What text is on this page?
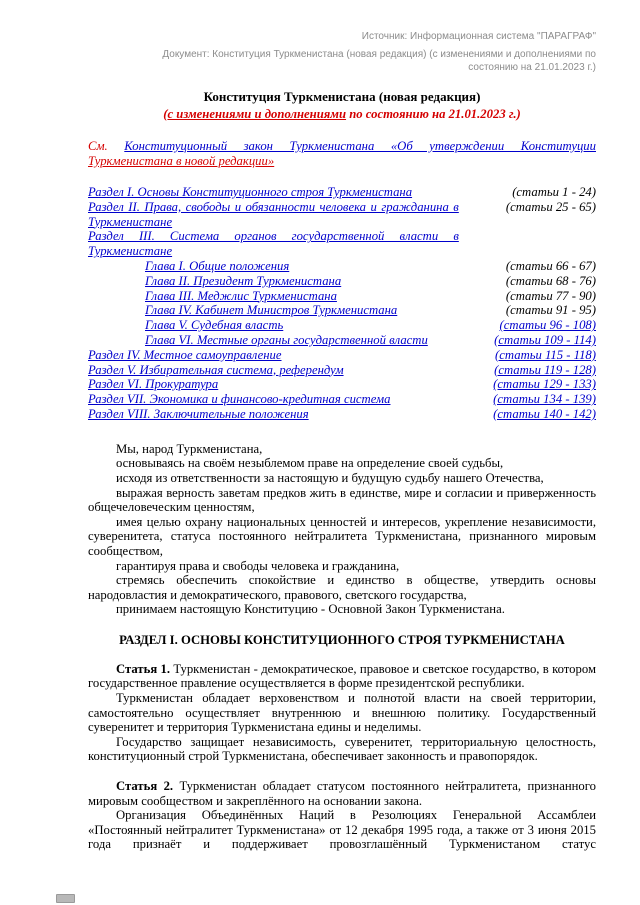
Источник: Информационная система "ПАРАГРАФ"
Документ: Конституция Туркменистана (новая редакция) (с изменениями и дополнениями по состоянию на 21.01.2023 г.)
Конституция Туркменистана (новая редакция)
(с изменениями и дополнениями по состоянию на 21.01.2023 г.)

См. Конституционный закон Туркменистана «Об утверждении Конституции Туркменистана в новой редакции»

Раздел I. Основы Конституционного строя Туркменистана	(статьи 1 - 24)
Раздел II. Права, свободы и обязанности человека и гражданина в Туркменистане
(статьи 25 - 65)
Раздел III. Система органов государственной власти в Туркменистане
Глава I. Общие положения	(статьи 66 - 67)
Глава II. Президент Туркменистана	(статьи 68 - 76)
Глава III. Меджлис Туркменистана	(статьи 77 - 90)
Глава IV. Кабинет Министров Туркменистана	(статьи 91 - 95)
Глава V. Судебная власть	(статьи 96 - 108)
Глава VI. Местные органы государственной власти	(статьи 109 - 114)
Раздел IV. Местное самоуправление	(статьи 115 - 118)
Раздел V. Избирательная система, референдум	(статьи 119 - 128)
Раздел VI. Прокуратура	(статьи 129 - 133)
Раздел VII. Экономика и финансово-кредитная система	(статьи 134 - 139)
Раздел VIII. Заключительные положения	(статьи 140 - 142)

Мы, народ Туркменистана,

основываясь на своём незыблемом праве на определение своей судьбы,

исходя из ответственности за настоящую и будущую судьбу нашего Отечества,

выражая верность заветам предков жить в единстве, мире и согласии и приверженность общечеловеческим ценностям,

имея целью охрану национальных ценностей и интересов, укрепление независимости, суверенитета, статуса постоянного нейтралитета Туркменистана, признанного мировым сообществом,

гарантируя права и свободы человека и гражданина,

стремясь обеспечить спокойствие и единство в обществе, утвердить основы народовластия и демократического, правового, светского государства,

принимаем настоящую Конституцию - Основной Закон Туркменистана.

РАЗДЕЛ I. ОСНОВЫ КОНСТИТУЦИОННОГО СТРОЯ ТУРКМЕНИСТАНА

Статья 1. Туркменистан - демократическое, правовое и светское государство, в котором государственное правление осуществляется в форме президентской республики.

Туркменистан обладает верховенством и полнотой власти на своей территории, самостоятельно осуществляет внутреннюю и внешнюю политику. Государственный суверенитет и территория Туркменистана едины и неделимы.

Государство защищает независимость, суверенитет, территориальную целостность, конституционный строй Туркменистана, обеспечивает законность и правопорядок.

Статья 2. Туркменистан обладает статусом постоянного нейтралитета, признанного мировым сообществом и закреплённого на основании закона.

Организация Объединённых Наций в Резолюциях Генеральной Ассамблеи «Постоянный нейтралитет Туркменистана» от 12 декабря 1995 года, а также от 3 июня 2015 года признаёт и поддерживает провозглашённый Туркменистаном статус
